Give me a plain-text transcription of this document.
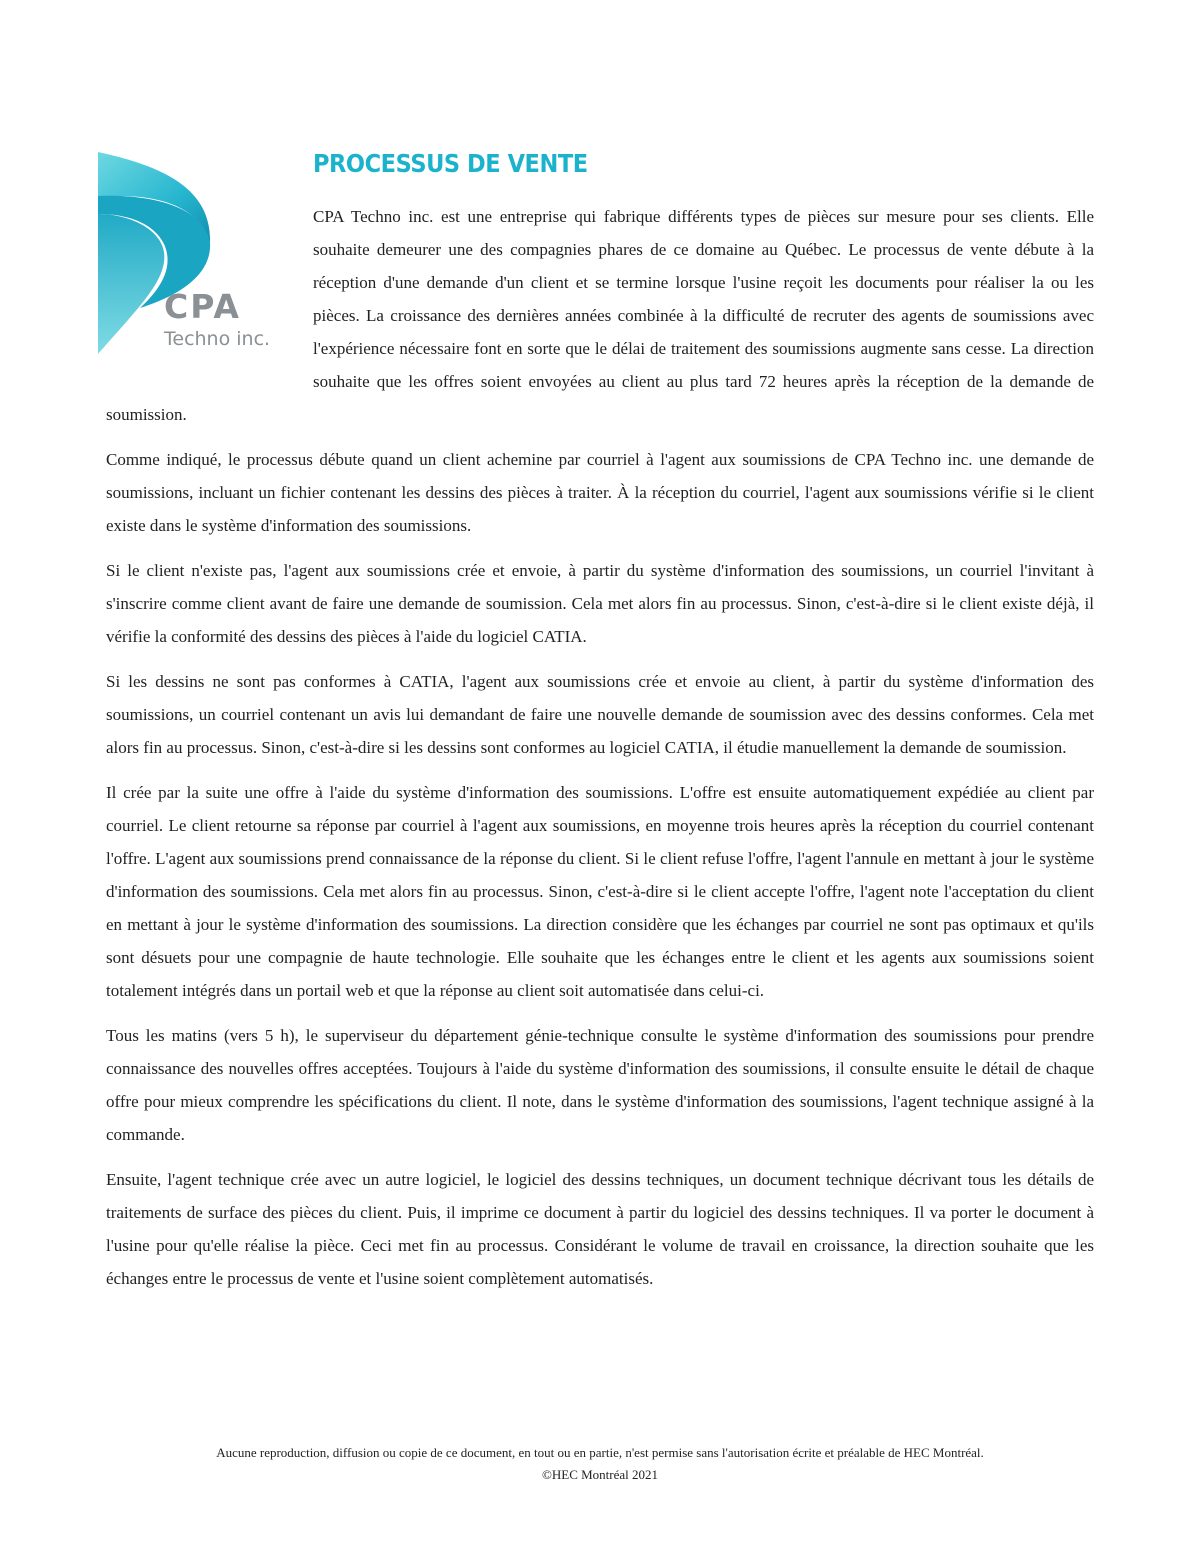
CPA
Techno inc.
PROCESSUS DE VENTE

CPA Techno inc. est une entreprise qui fabrique différents types de pièces sur mesure pour ses clients. Elle souhaite demeurer une des compagnies phares de ce domaine au Québec. Le processus de vente débute à la réception d'une demande d'un client et se termine lorsque l'usine reçoit les documents pour réaliser la ou les pièces. La croissance des dernières années combinée à la difficulté de recruter des agents de soumissions avec l'expérience nécessaire font en sorte que le délai de traitement des soumissions augmente sans cesse. La direction souhaite que les offres soient envoyées au client au plus tard 72 heures après la réception de la demande de soumission.

Comme indiqué, le processus débute quand un client achemine par courriel à l'agent aux soumissions de CPA Techno inc. une demande de soumissions, incluant un fichier contenant les dessins des pièces à traiter. À la réception du courriel, l'agent aux soumissions vérifie si le client existe dans le système d'information des soumissions.

Si le client n'existe pas, l'agent aux soumissions crée et envoie, à partir du système d'information des soumissions, un courriel l'invitant à s'inscrire comme client avant de faire une demande de soumission. Cela met alors fin au processus. Sinon, c'est-à-dire si le client existe déjà, il vérifie la conformité des dessins des pièces à l'aide du logiciel CATIA.

Si les dessins ne sont pas conformes à CATIA, l'agent aux soumissions crée et envoie au client, à partir du système d'information des soumissions, un courriel contenant un avis lui demandant de faire une nouvelle demande de soumission avec des dessins conformes. Cela met alors fin au processus. Sinon, c'est-à-dire si les dessins sont conformes au logiciel CATIA, il étudie manuellement la demande de soumission.

Il crée par la suite une offre à l'aide du système d'information des soumissions. L'offre est ensuite automatiquement expédiée au client par courriel. Le client retourne sa réponse par courriel à l'agent aux soumissions, en moyenne trois heures après la réception du courriel contenant l'offre. L'agent aux soumissions prend connaissance de la réponse du client. Si le client refuse l'offre, l'agent l'annule en mettant à jour le système d'information des soumissions. Cela met alors fin au processus. Sinon, c'est-à-dire si le client accepte l'offre, l'agent note l'acceptation du client en mettant à jour le système d'information des soumissions. La direction considère que les échanges par courriel ne sont pas optimaux et qu'ils sont désuets pour une compagnie de haute technologie. Elle souhaite que les échanges entre le client et les agents aux soumissions soient totalement intégrés dans un portail web et que la réponse au client soit automatisée dans celui-ci.

Tous les matins (vers 5 h), le superviseur du département génie-technique consulte le système d'information des soumissions pour prendre connaissance des nouvelles offres acceptées. Toujours à l'aide du système d'information des soumissions, il consulte ensuite le détail de chaque offre pour mieux comprendre les spécifications du client. Il note, dans le système d'information des soumissions, l'agent technique assigné à la commande.

Ensuite, l'agent technique crée avec un autre logiciel, le logiciel des dessins techniques, un document technique décrivant tous les détails de traitements de surface des pièces du client. Puis, il imprime ce document à partir du logiciel des dessins techniques. Il va porter le document à l'usine pour qu'elle réalise la pièce. Ceci met fin au processus. Considérant le volume de travail en croissance, la direction souhaite que les échanges entre le processus de vente et l'usine soient complètement automatisés.

Aucune reproduction, diffusion ou copie de ce document, en tout ou en partie, n'est permise sans l'autorisation écrite et préalable de HEC Montréal.
©HEC Montréal 2021
